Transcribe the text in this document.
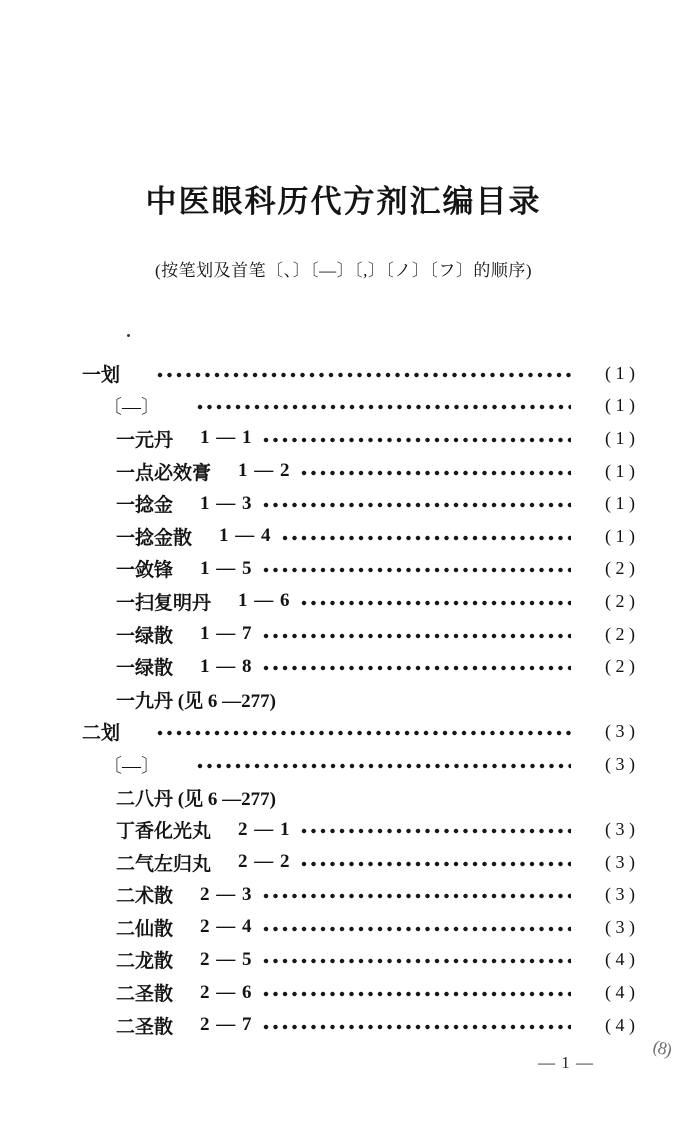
中医眼科历代方剂汇编目录
(按笔划及首笔〔、〕〔—〕〔,〕〔ノ〕〔フ〕的顺序)
一划	( 1 )
〔—〕	( 1 )
一元丹 1 — 1	( 1 )
一点必效膏 1 — 2	( 1 )
一捻金 1 — 3	( 1 )
一捻金散 1 — 4	( 1 )
一敛锋 1 — 5	( 2 )
一扫复明丹 1 — 6	( 2 )
一绿散 1 — 7	( 2 )
一绿散 1 — 8	( 2 )
一九丹 (见 6 —277)
二划	( 3 )
〔—〕	( 3 )
二八丹 (见 6 —277)
丁香化光丸 2 — 1	( 3 )
二气左归丸 2 — 2	( 3 )
二术散 2 — 3	( 3 )
二仙散 2 — 4	( 3 )
二龙散 2 — 5	( 4 )
二圣散 2 — 6	( 4 )
二圣散 2 — 7	( 4 )
— 1 —
(8)
